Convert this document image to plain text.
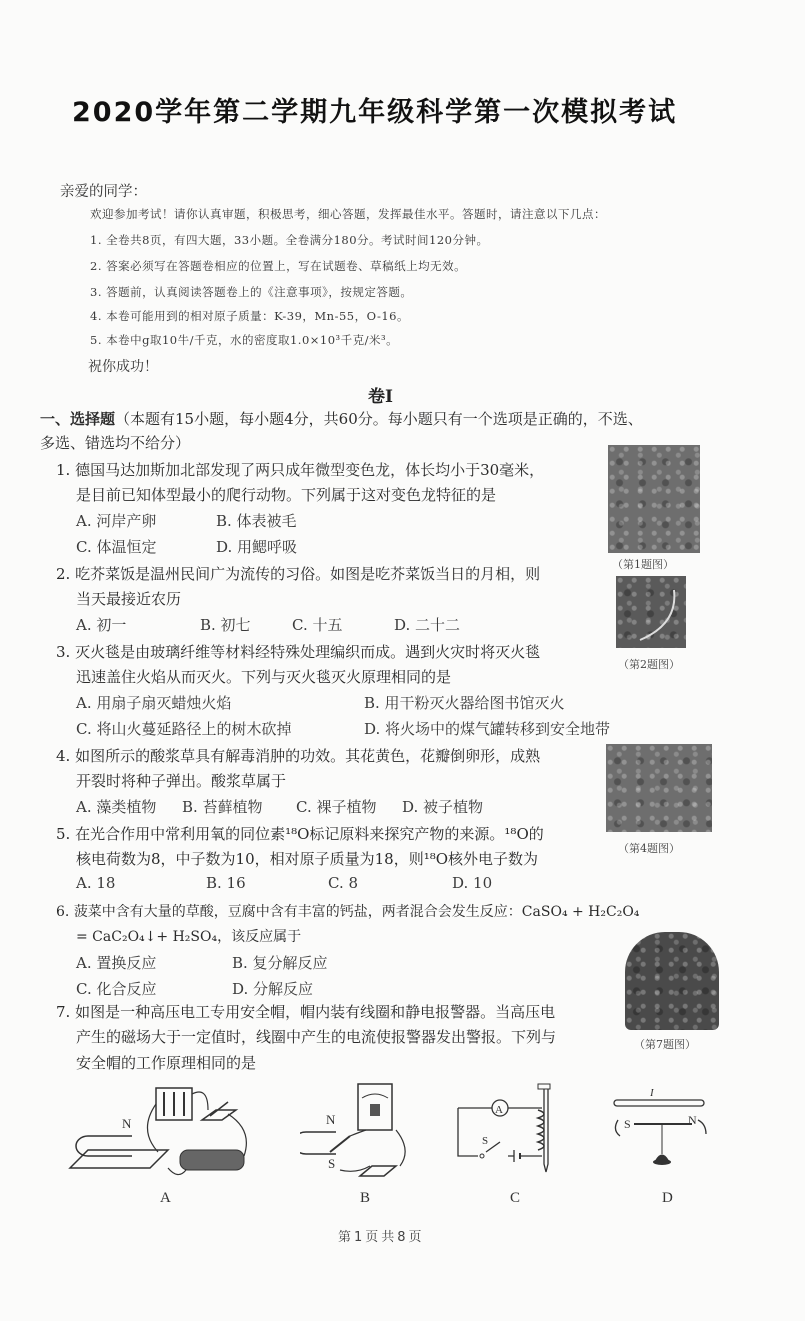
2020学年第二学期九年级科学第一次模拟考试
亲爱的同学：
欢迎参加考试！请你认真审题，积极思考，细心答题，发挥最佳水平。答题时，请注意以下几点：
1. 全卷共8页，有四大题，33小题。全卷满分180分。考试时间120分钟。
2. 答案必须写在答题卷相应的位置上，写在试题卷、草稿纸上均无效。
3. 答题前，认真阅读答题卷上的《注意事项》，按规定答题。
4. 本卷可能用到的相对原子质量：K-39，Mn-55，O-16。
5. 本卷中g取10牛/千克，水的密度取1.0×10³千克/米³。
祝你成功！
卷Ⅰ
一、选择题（本题有15小题，每小题4分，共60分。每小题只有一个选项是正确的，不选、
多选、错选均不给分）
1. 德国马达加斯加北部发现了两只成年微型变色龙，体长均小于30毫米，
是目前已知体型最小的爬行动物。下列属于这对变色龙特征的是
A. 河岸产卵	B. 体表被毛
C. 体温恒定	D. 用鳃呼吸
（第1题图）
2. 吃芥菜饭是温州民间广为流传的习俗。如图是吃芥菜饭当日的月相，则
当天最接近农历
A. 初一	B. 初七	C. 十五	D. 二十二
（第2题图）
3. 灭火毯是由玻璃纤维等材料经特殊处理编织而成。遇到火灾时将灭火毯
迅速盖住火焰从而灭火。下列与灭火毯灭火原理相同的是
A. 用扇子扇灭蜡烛火焰	B. 用干粉灭火器给图书馆灭火
C. 将山火蔓延路径上的树木砍掉	D. 将火场中的煤气罐转移到安全地带
4. 如图所示的酸浆草具有解毒消肿的功效。其花黄色，花瓣倒卵形，成熟
开裂时将种子弹出。酸浆草属于
A. 藻类植物 B. 苔藓植物 C. 裸子植物 D. 被子植物
（第4题图）
5. 在光合作用中常利用氧的同位素¹⁸O标记原料来探究产物的来源。¹⁸O的
核电荷数为8，中子数为10，相对原子质量为18，则¹⁸O核外电子数为
A. 18	B. 16	C. 8	D. 10
6. 菠菜中含有大量的草酸，豆腐中含有丰富的钙盐，两者混合会发生反应：CaSO₄ + H₂C₂O₄
= CaC₂O₄↓+ H₂SO₄，该反应属于
A. 置换反应	B. 复分解反应
C. 化合反应	D. 分解反应
（第7题图）
7. 如图是一种高压电工专用安全帽，帽内装有线圈和静电报警器。当高压电
产生的磁场大于一定值时，线圈中产生的电流使报警器发出警报。下列与
安全帽的工作原理相同的是
N
A
N
S
B
A
S
C
I
S	N
D
第1页共8页
